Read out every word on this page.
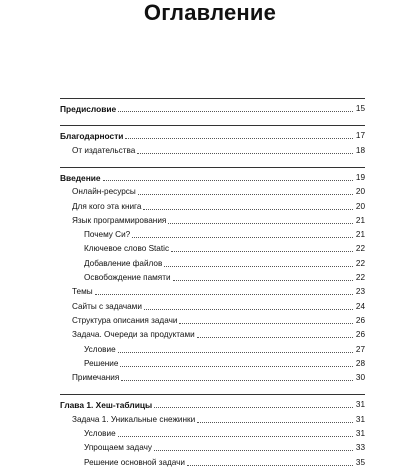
Оглавление
Предисловие	15
Благодарности	17
От издательства	18
Введение	19
Онлайн-ресурсы	20
Для кого эта книга	20
Язык программирования	21
Почему Си?	21
Ключевое слово Static	22
Добавление файлов	22
Освобождение памяти	22
Темы	23
Сайты с задачами	24
Структура описания задачи	26
Задача. Очереди за продуктами	26
Условие	27
Решение	28
Примечания	30
Глава 1. Хеш-таблицы	31
Задача 1. Уникальные снежинки	31
Условие	31
Упрощаем задачу	33
Решение основной задачи	35
